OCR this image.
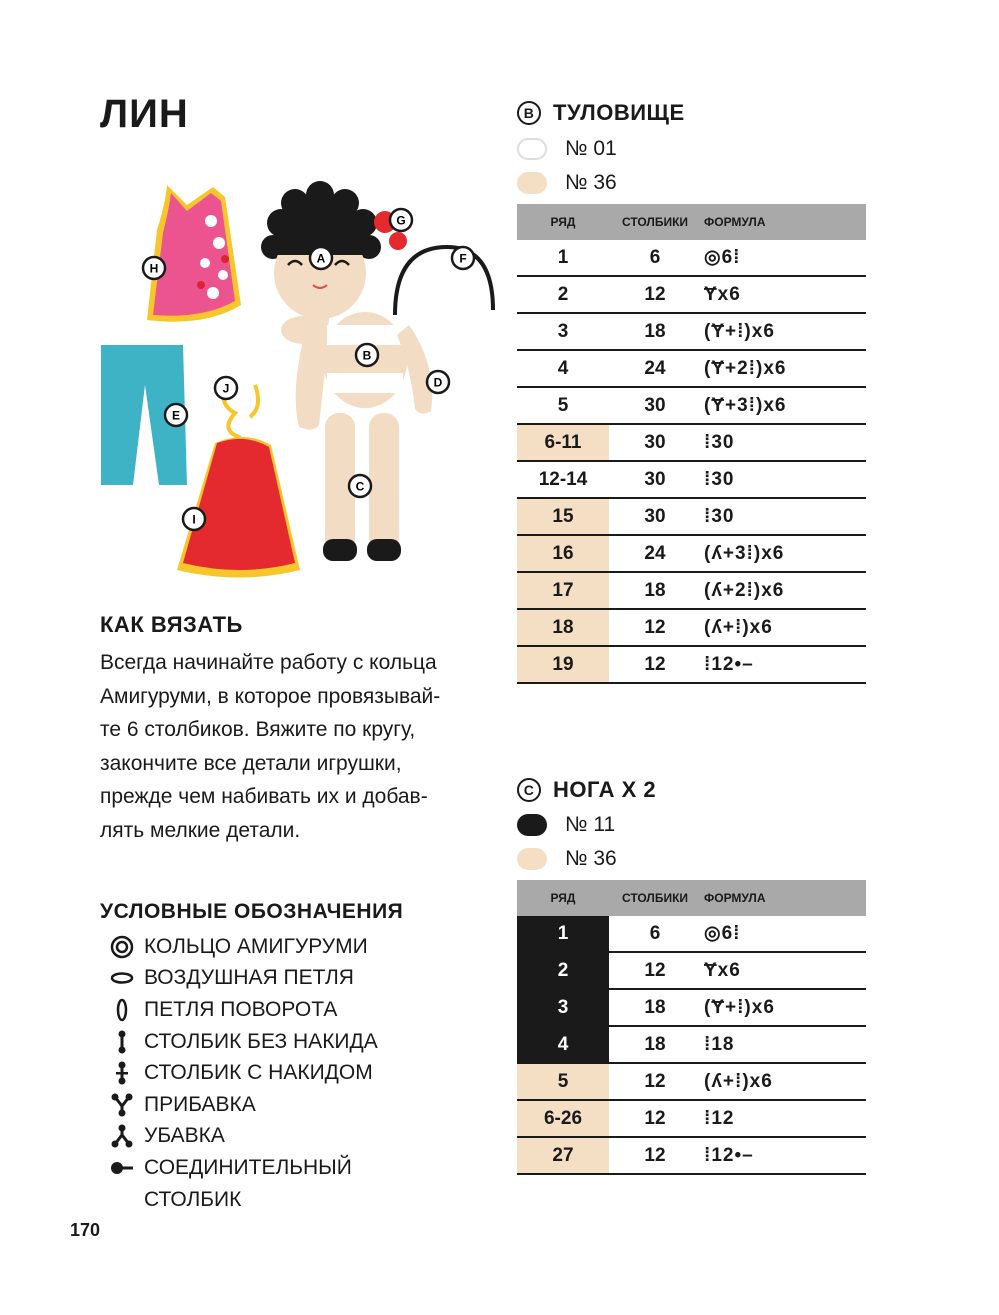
ЛИН
A
B
C
D
E
F
G
H
I
J
КАК ВЯЗАТЬ
Всегда начинайте работу с кольца
Амигуруми, в которое провязывай-
те 6 столбиков. Вяжите по кругу,
закончите все детали игрушки,
прежде чем набивать их и добав-
лять мелкие детали.
УСЛОВНЫЕ ОБОЗНАЧЕНИЯ
КОЛЬЦО АМИГУРУМИ
ВОЗДУШНАЯ ПЕТЛЯ
ПЕТЛЯ ПОВОРОТА
СТОЛБИК БЕЗ НАКИДА
СТОЛБИК С НАКИДОМ
ПРИБАВКА
УБАВКА
СОЕДИНИТЕЛЬНЫЙ
СТОЛБИК
170
B ТУЛОВИЩЕ
№ 01
№ 36
РЯД	СТОЛБИКИ	ФОРМУЛА
1	6	◎6⁞
2	12	Ɏx6
3	18	(Ɏ+⁞)x6
4	24	(Ɏ+2⁞)x6
5	30	(Ɏ+3⁞)x6
6-11	30	⁞30
12-14	30	⁞30
15	30	⁞30
16	24	(ʎ+3⁞)x6
17	18	(ʎ+2⁞)x6
18	12	(ʎ+⁞)x6
19	12	⁞12•–
C НОГА X 2
№ 11
№ 36
РЯД	СТОЛБИКИ	ФОРМУЛА
1	6	◎6⁞
2	12	Ɏx6
3	18	(Ɏ+⁞)x6
4	18	⁞18
5	12	(ʎ+⁞)x6
6-26	12	⁞12
27	12	⁞12•–
